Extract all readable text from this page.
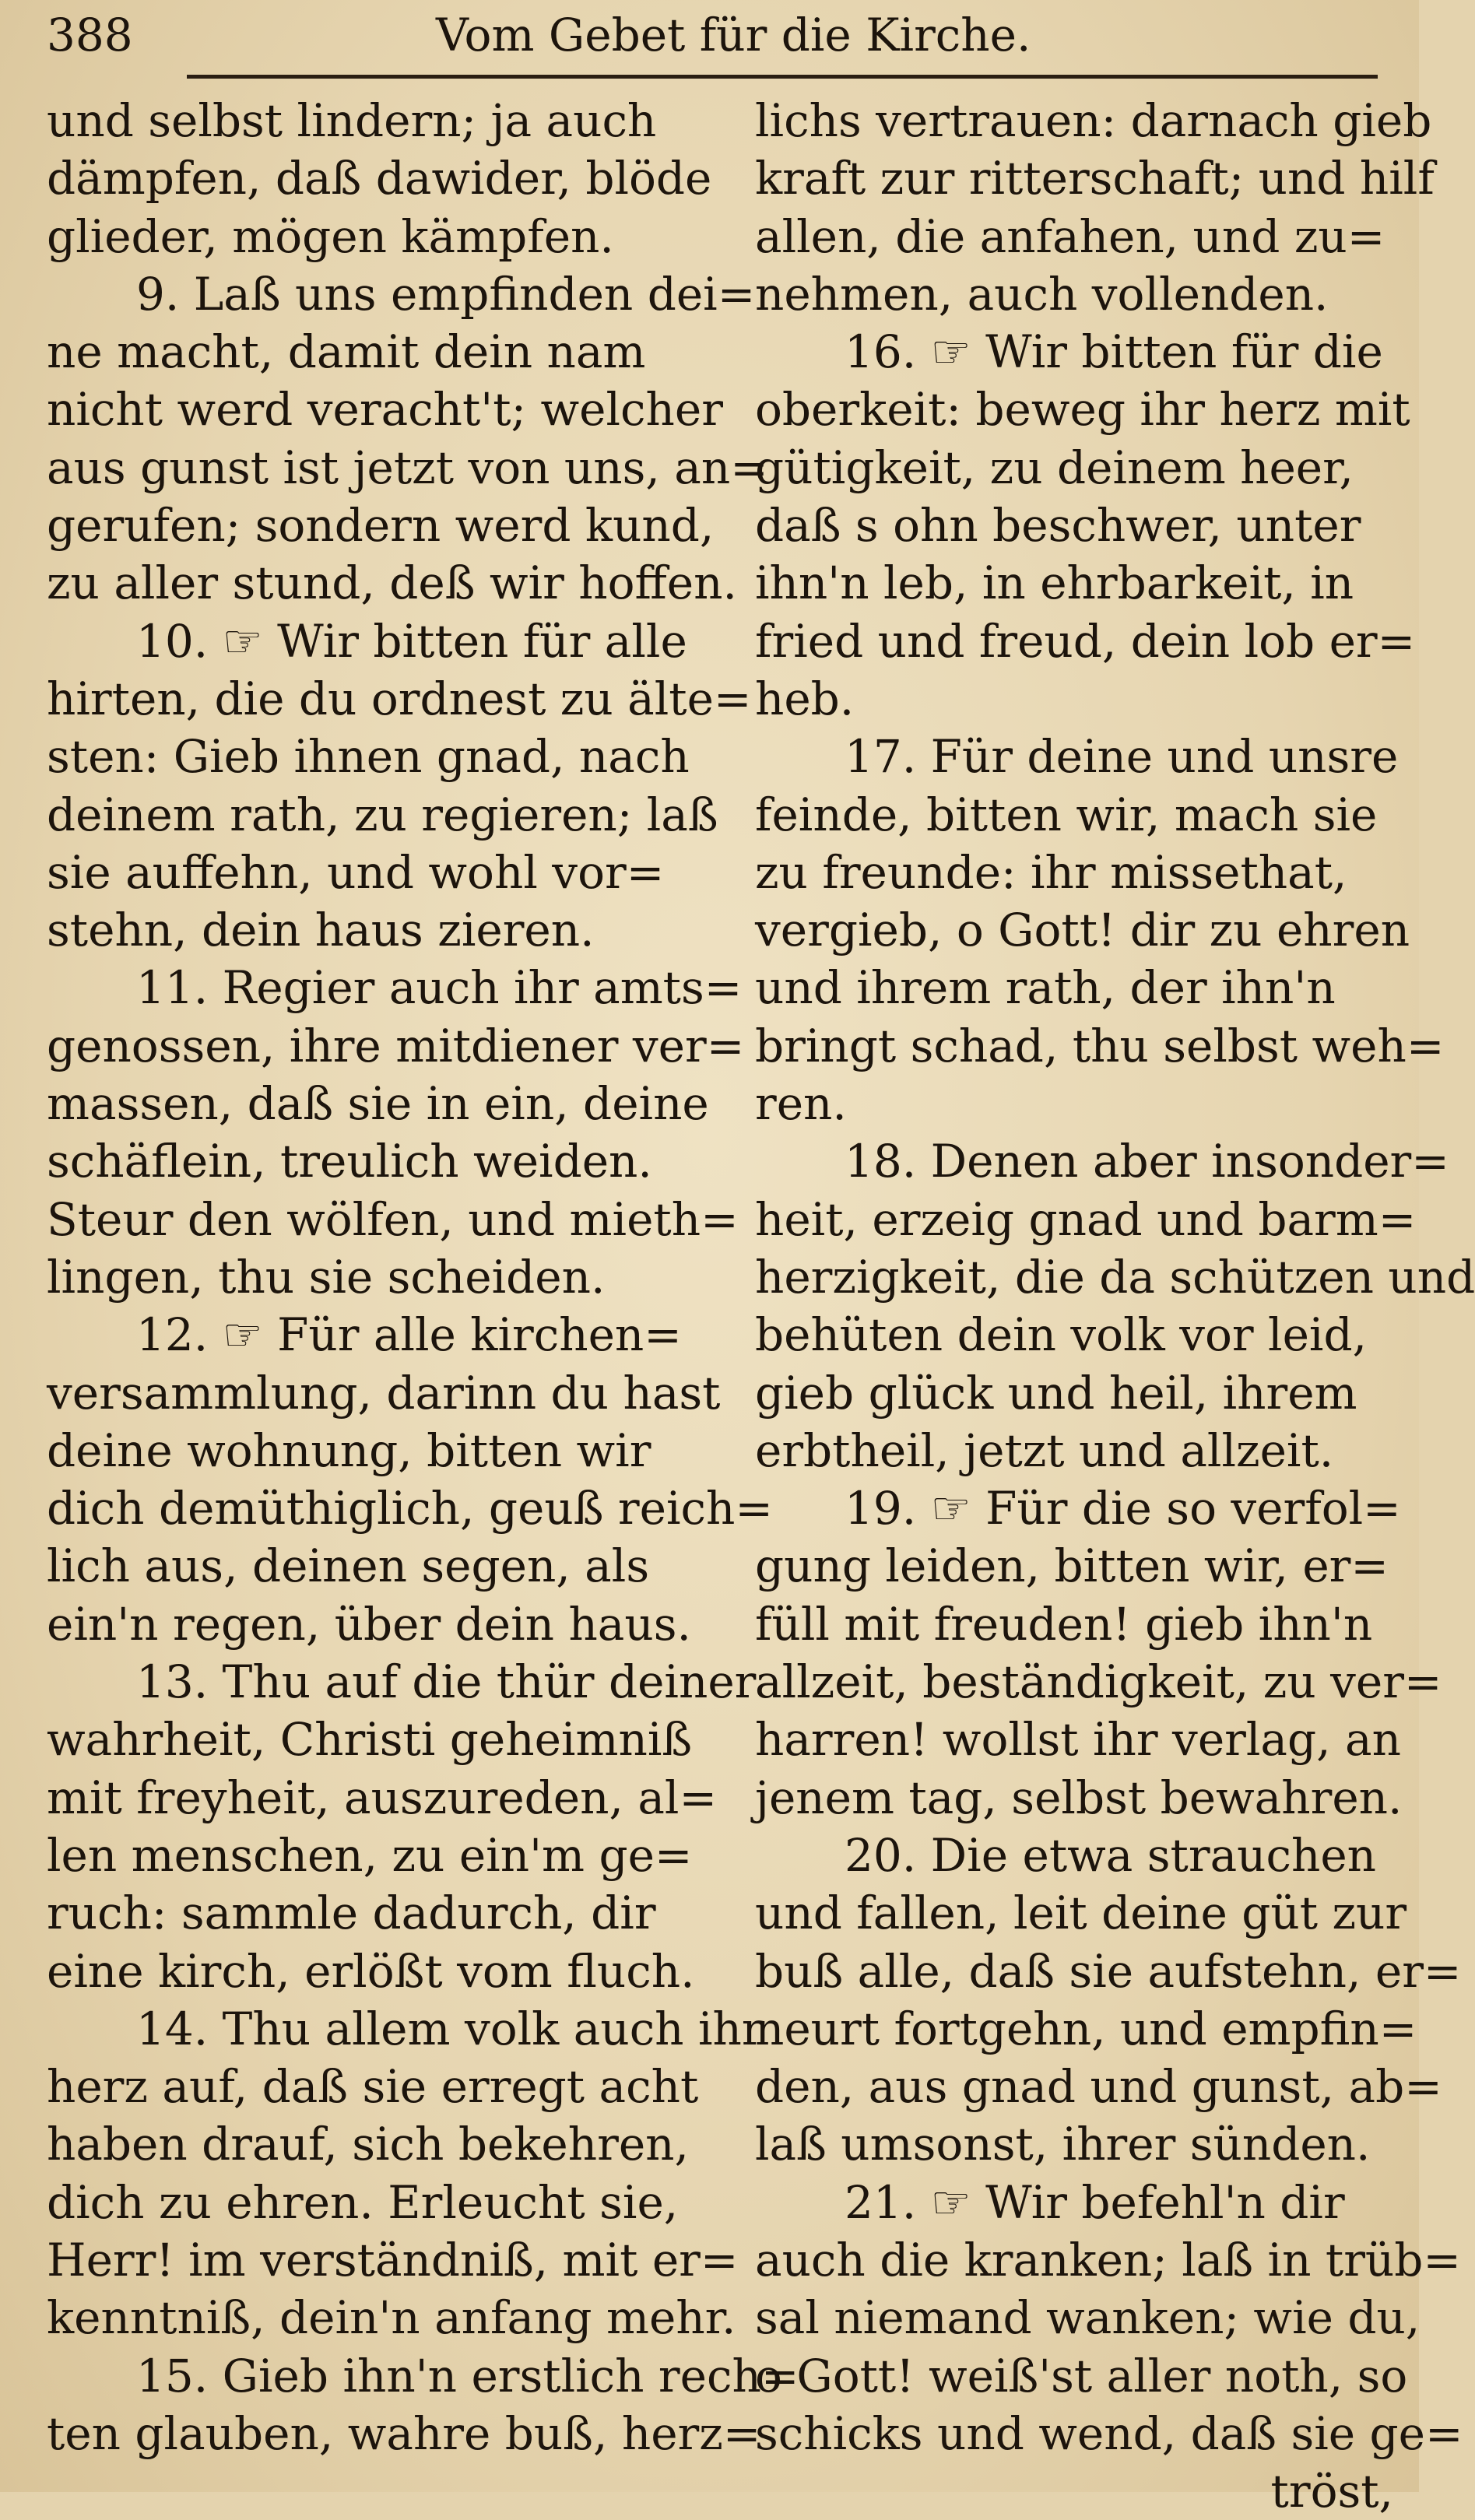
388	Vom Gebet für die Kirche.
und selbst lindern; ja auch
dämpfen, daß dawider, blöde
glieder, mögen kämpfen.
9. Laß uns empfinden dei=
ne macht, damit dein nam
nicht werd veracht't; welcher
aus gunst ist jetzt von uns, an=
gerufen; sondern werd kund,
zu aller stund, deß wir hoffen.
10. ☞ Wir bitten für alle
hirten, die du ordnest zu älte=
sten: Gieb ihnen gnad, nach
deinem rath, zu regieren; laß
sie auffehn, und wohl vor=
stehn, dein haus zieren.
11. Regier auch ihr amts=
genossen, ihre mitdiener ver=
massen, daß sie in ein, deine
schäflein, treulich weiden.
Steur den wölfen, und mieth=
lingen, thu sie scheiden.
12. ☞ Für alle kirchen=
versammlung, darinn du hast
deine wohnung, bitten wir
dich demüthiglich, geuß reich=
lich aus, deinen segen, als
ein'n regen, über dein haus.
13. Thu auf die thür deiner
wahrheit, Christi geheimniß
mit freyheit, auszureden, al=
len menschen, zu ein'm ge=
ruch: sammle dadurch, dir
eine kirch, erlößt vom fluch.
14. Thu allem volk auch ihr
herz auf, daß sie erregt acht
haben drauf, sich bekehren,
dich zu ehren. Erleucht sie,
Herr! im verständniß, mit er=
kenntniß, dein'n anfang mehr.
15. Gieb ihn'n erstlich rech=
ten glauben, wahre buß, herz=
lichs vertrauen: darnach gieb
kraft zur ritterschaft; und hilf
allen, die anfahen, und zu=
nehmen, auch vollenden.
16. ☞ Wir bitten für die
oberkeit: beweg ihr herz mit
gütigkeit, zu deinem heer,
daß s ohn beschwer, unter
ihn'n leb, in ehrbarkeit, in
fried und freud, dein lob er=
heb.
17. Für deine und unsre
feinde, bitten wir, mach sie
zu freunde: ihr missethat,
vergieb, o Gott! dir zu ehren
und ihrem rath, der ihn'n
bringt schad, thu selbst weh=
ren.
18. Denen aber insonder=
heit, erzeig gnad und barm=
herzigkeit, die da schützen und
behüten dein volk vor leid,
gieb glück und heil, ihrem
erbtheil, jetzt und allzeit.
19. ☞ Für die so verfol=
gung leiden, bitten wir, er=
füll mit freuden! gieb ihn'n
allzeit, beständigkeit, zu ver=
harren! wollst ihr verlag, an
jenem tag, selbst bewahren.
20. Die etwa strauchen
und fallen, leit deine güt zur
buß alle, daß sie aufstehn, er=
neurt fortgehn, und empfin=
den, aus gnad und gunst, ab=
laß umsonst, ihrer sünden.
21. ☞ Wir befehl'n dir
auch die kranken; laß in trüb=
sal niemand wanken; wie du,
o Gott! weiß'st aller noth, so
schicks und wend, daß sie ge=
tröst,
